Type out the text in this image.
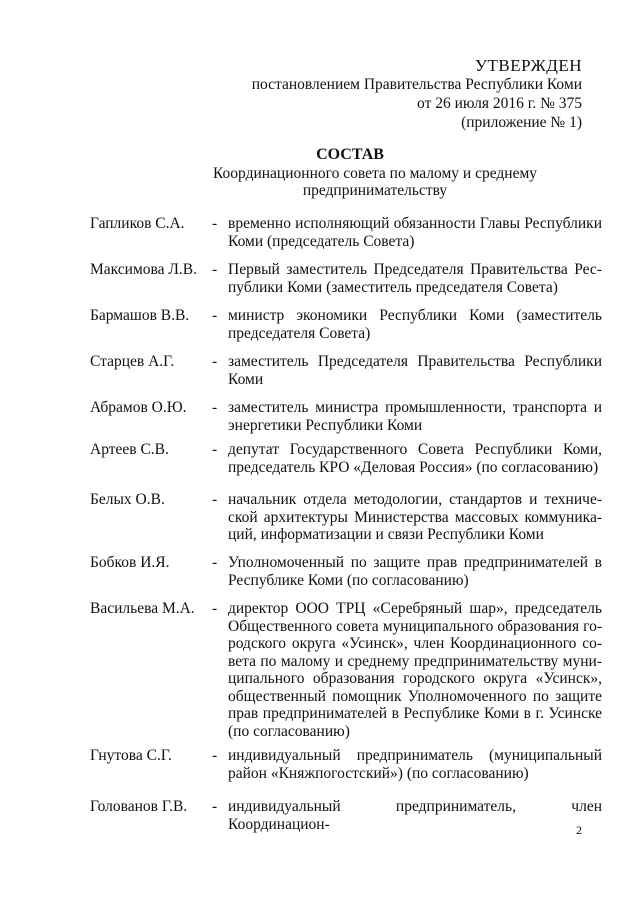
УТВЕРЖДЕН
постановлением Правительства Республики Коми
от 26 июля 2016 г. № 375
(приложение № 1)
СОСТАВ
Координационного совета по малому и среднему предпринимательству
Гапликов С.А.	- временно исполняющий обязанности Главы Республики Коми (председатель Совета)
Максимова Л.В. - Первый заместитель Председателя Правительства Республики Коми (заместитель председателя Совета)
Бармашов В.В.	- министр экономики Республики Коми (заместитель председателя Совета)
Старцев А.Г.	- заместитель Председателя Правительства Республики Коми
Абрамов О.Ю.	- заместитель министра промышленности, транспорта и энергетики Республики Коми
Артеев С.В.	- депутат Государственного Совета Республики Коми, председатель КРО «Деловая Россия» (по согласованию)
Белых О.В.	- начальник отдела методологии, стандартов и технической архитектуры Министерства массовых коммуникаций, информатизации и связи Республики Коми
Бобков И.Я.	- Уполномоченный по защите прав предпринимателей в Республике Коми (по согласованию)
Васильева М.А.	- директор ООО ТРЦ «Серебряный шар», председатель Общественного совета муниципального образования городского округа «Усинск», член Координационного совета по малому и среднему предпринимательству муниципального образования городского округа «Усинск», общественный помощник Уполномоченного по защите прав предпринимателей в Республике Коми в г. Усинске (по согласованию)
Гнутова С.Г.	- индивидуальный предприниматель (муниципальный район «Княжпогостский») (по согласованию)
Голованов Г.В.	- индивидуальный предприниматель, член Координацион-	2
